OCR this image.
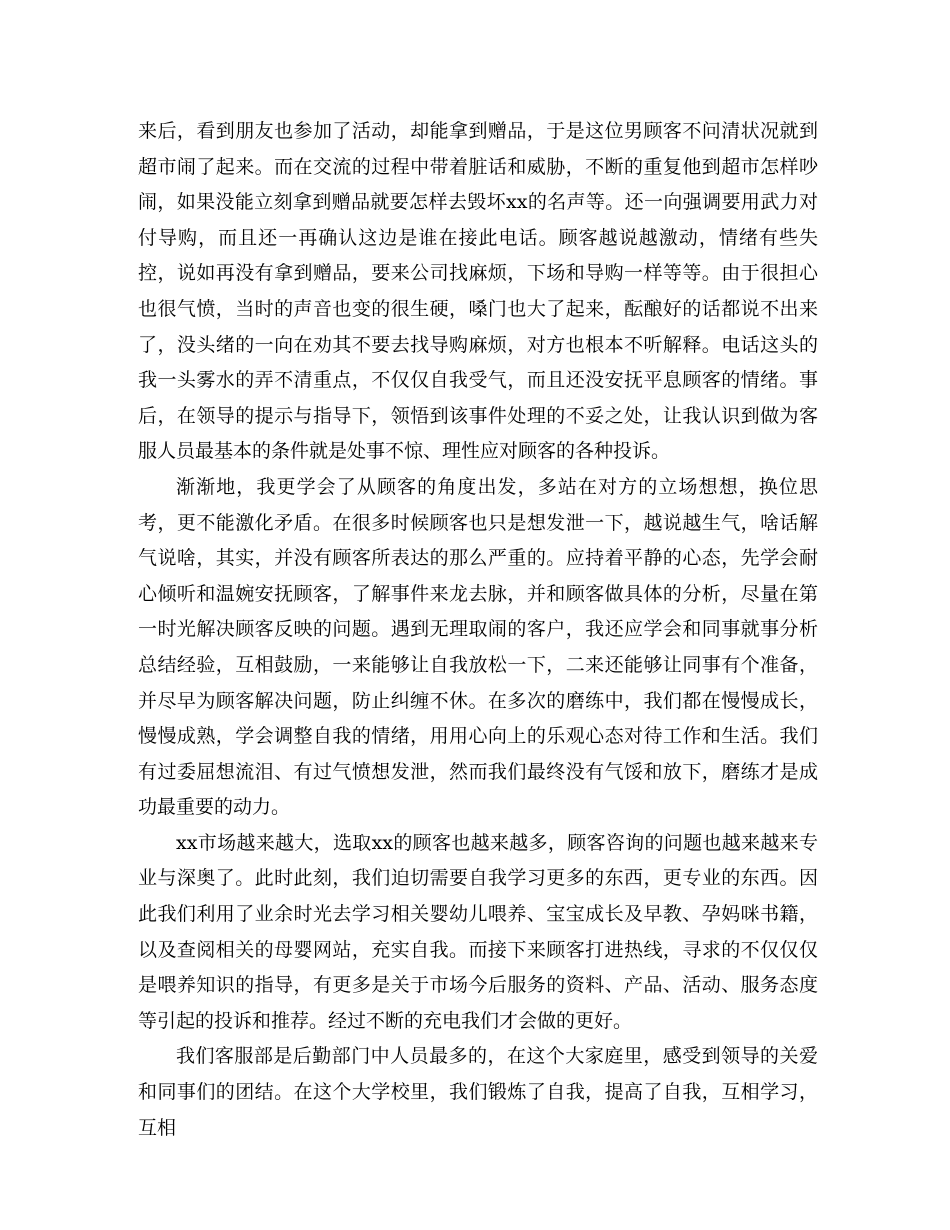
来后，看到朋友也参加了活动，却能拿到赠品，于是这位男顾客不问清状况就到超市闹了起来。而在交流的过程中带着脏话和威胁，不断的重复他到超市怎样吵闹，如果没能立刻拿到赠品就要怎样去毁坏xx的名声等。还一向强调要用武力对付导购，而且还一再确认这边是谁在接此电话。顾客越说越激动，情绪有些失控，说如再没有拿到赠品，要来公司找麻烦，下场和导购一样等等。由于很担心也很气愤，当时的声音也变的很生硬，嗓门也大了起来，酝酿好的话都说不出来了，没头绪的一向在劝其不要去找导购麻烦，对方也根本不听解释。电话这头的我一头雾水的弄不清重点，不仅仅自我受气，而且还没安抚平息顾客的情绪。事后，在领导的提示与指导下，领悟到该事件处理的不妥之处，让我认识到做为客服人员最基本的条件就是处事不惊、理性应对顾客的各种投诉。

渐渐地，我更学会了从顾客的角度出发，多站在对方的立场想想，换位思考，更不能激化矛盾。在很多时候顾客也只是想发泄一下，越说越生气，啥话解气说啥，其实，并没有顾客所表达的那么严重的。应持着平静的心态，先学会耐心倾听和温婉安抚顾客，了解事件来龙去脉，并和顾客做具体的分析，尽量在第一时光解决顾客反映的问题。遇到无理取闹的客户，我还应学会和同事就事分析总结经验，互相鼓励，一来能够让自我放松一下，二来还能够让同事有个准备，并尽早为顾客解决问题，防止纠缠不休。在多次的磨练中，我们都在慢慢成长，慢慢成熟，学会调整自我的情绪，用用心向上的乐观心态对待工作和生活。我们有过委屈想流泪、有过气愤想发泄，然而我们最终没有气馁和放下，磨练才是成功最重要的动力。

xx市场越来越大，选取xx的顾客也越来越多，顾客咨询的问题也越来越来专业与深奥了。此时此刻，我们迫切需要自我学习更多的东西，更专业的东西。因此我们利用了业余时光去学习相关婴幼儿喂养、宝宝成长及早教、孕妈咪书籍，以及查阅相关的母婴网站，充实自我。而接下来顾客打进热线，寻求的不仅仅仅是喂养知识的指导，有更多是关于市场今后服务的资料、产品、活动、服务态度等引起的投诉和推荐。经过不断的充电我们才会做的更好。

我们客服部是后勤部门中人员最多的，在这个大家庭里，感受到领导的关爱和同事们的团结。在这个大学校里，我们锻炼了自我，提高了自我，互相学习，互相
